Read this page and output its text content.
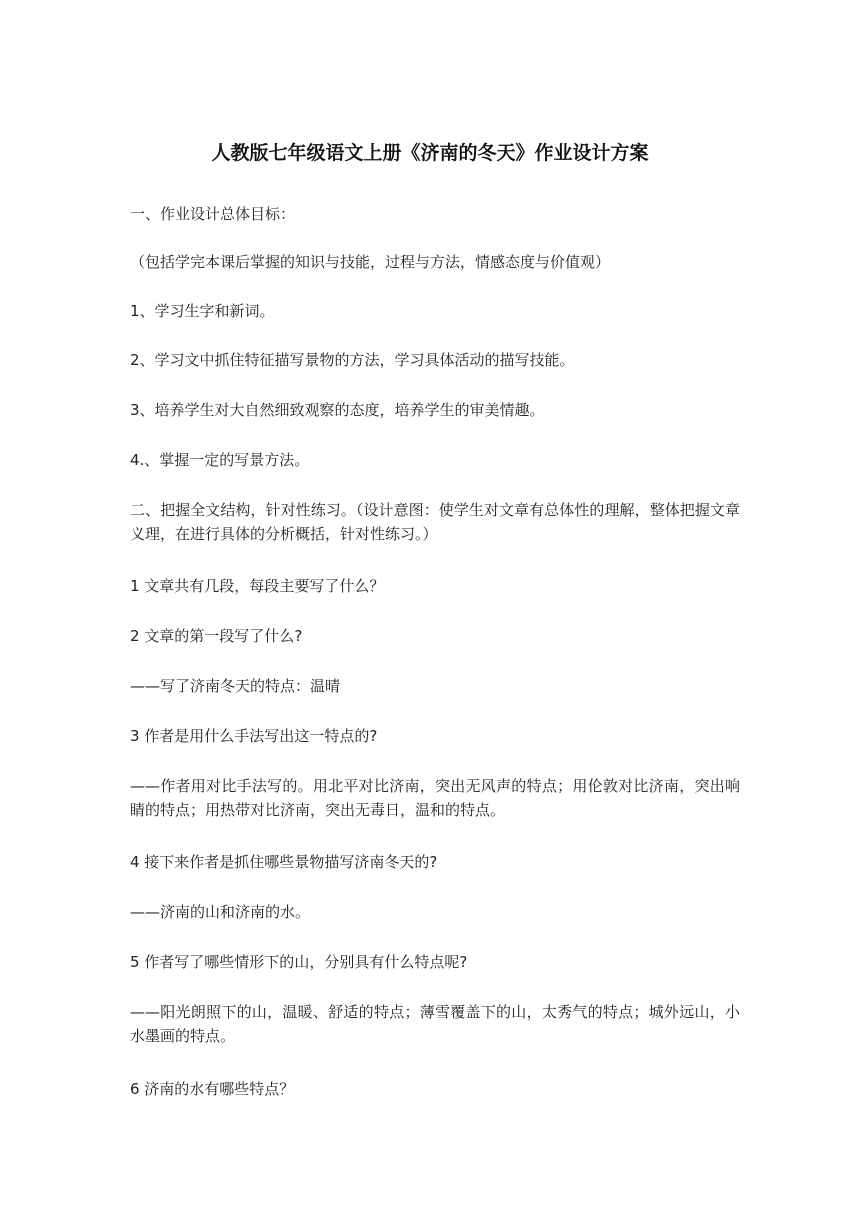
人教版七年级语文上册《济南的冬天》作业设计方案

一、作业设计总体目标：

（包括学完本课后掌握的知识与技能，过程与方法，情感态度与价值观）

1、学习生字和新词。

2、学习文中抓住特征描写景物的方法，学习具体活动的描写技能。

3、培养学生对大自然细致观察的态度，培养学生的审美情趣。

4.、掌握一定的写景方法。

二、把握全文结构，针对性练习。（设计意图：使学生对文章有总体性的理解，整体把握文章义理，在进行具体的分析概括，针对性练习。）

1 文章共有几段，每段主要写了什么？

2 文章的第一段写了什么?

——写了济南冬天的特点：温晴

3 作者是用什么手法写出这一特点的?

——作者用对比手法写的。用北平对比济南，突出无风声的特点；用伦敦对比济南，突出响睛的特点；用热带对比济南，突出无毒日，温和的特点。

4 接下来作者是抓住哪些景物描写济南冬天的?

——济南的山和济南的水。

5 作者写了哪些情形下的山，分别具有什么特点呢?

——阳光朗照下的山，温暖、舒适的特点；薄雪覆盖下的山，太秀气的特点；城外远山，小水墨画的特点。

6 济南的水有哪些特点？
